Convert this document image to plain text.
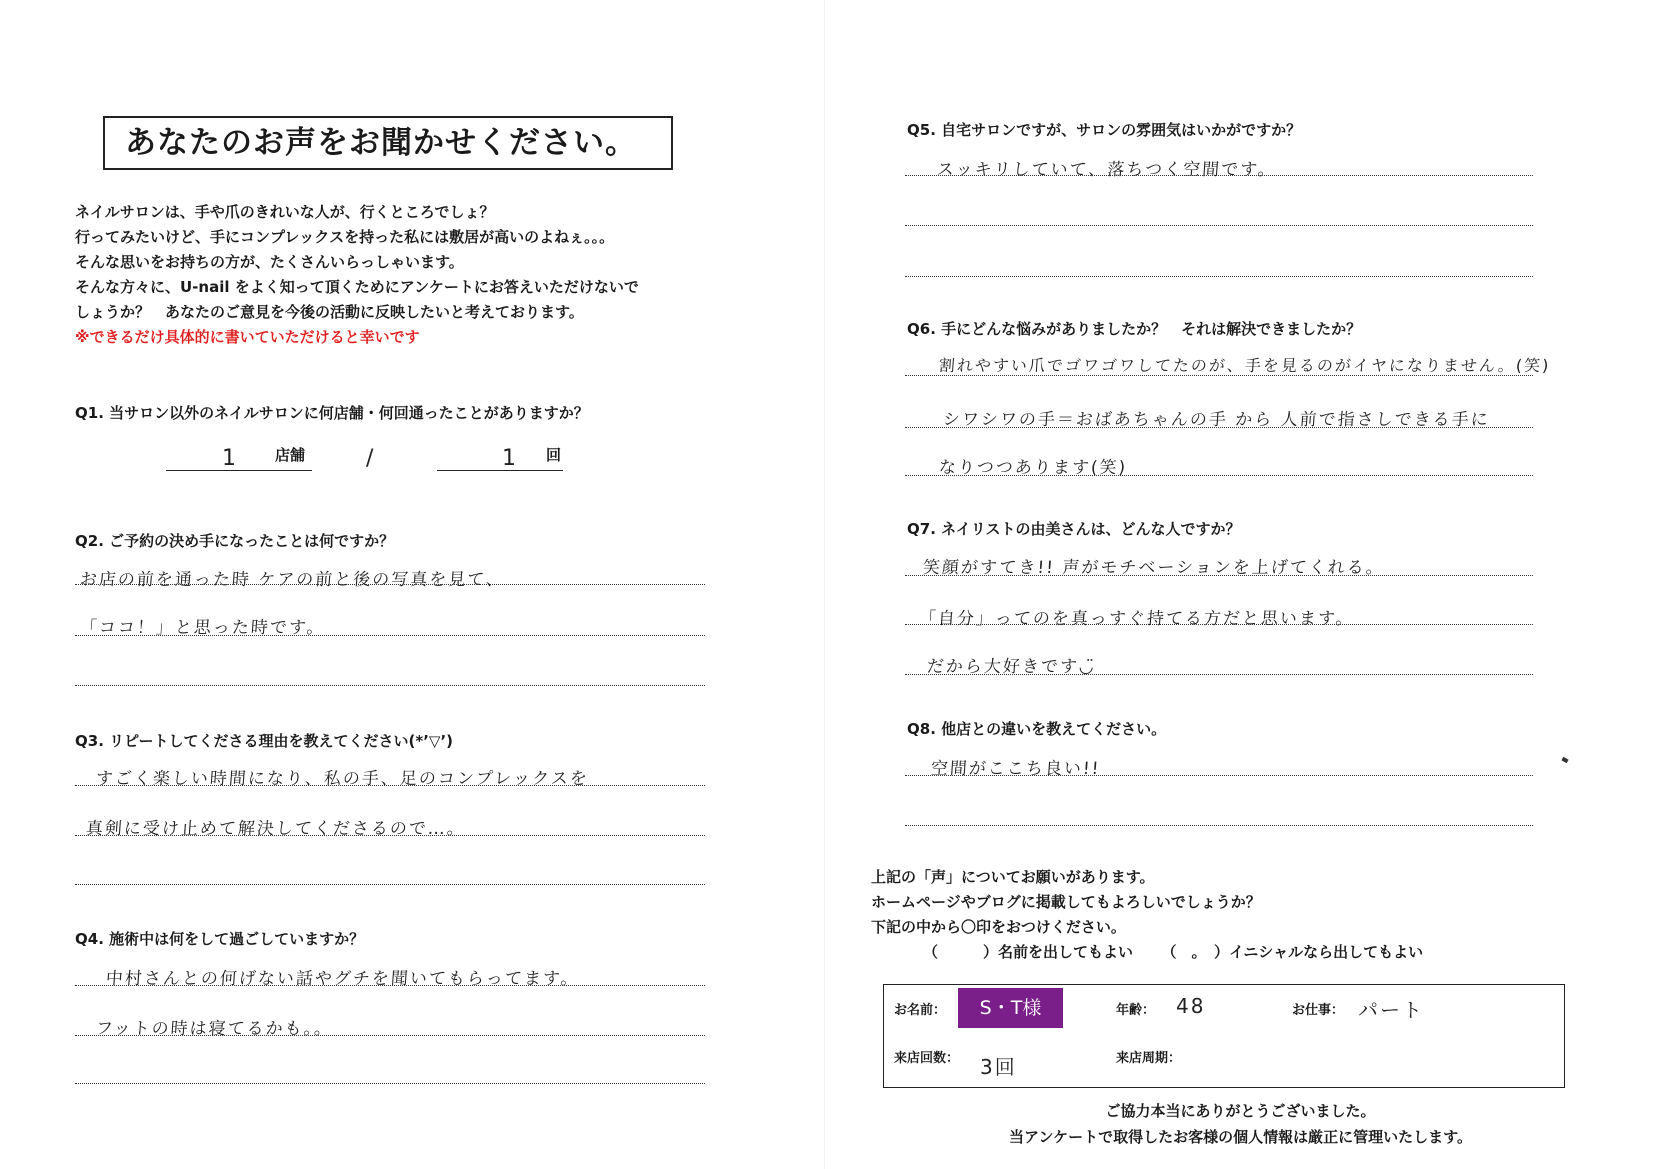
あなたのお声をお聞かせください。
ネイルサロンは、手や爪のきれいな人が、行くところでしょ？
行ってみたいけど、手にコンプレックスを持った私には敷居が高いのよねぇ。。。
そんな思いをお持ちの方が、たくさんいらっしゃいます。
そんな方々に、U-nail をよく知って頂くためにアンケートにお答えいただけないで
しょうか？　あなたのご意見を今後の活動に反映したいと考えております。
※できるだけ具体的に書いていただけると幸いです
Q1. 当サロン以外のネイルサロンに何店舗・何回通ったことがありますか？
1	店舗	/	1 回
Q2. ご予約の決め手になったことは何ですか？
お店の前を通った時 ケアの前と後の写真を見て、
「ココ！」と思った時です。
Q3. リピートしてくださる理由を教えてください(*’▽’)
すごく楽しい時間になり、私の手、足のコンプレックスを
真剣に受け止めて解決してくださるので…。
Q4. 施術中は何をして過ごしていますか？
中村さんとの何げない話やグチを聞いてもらってます。
フットの時は寝てるかも。。
Q5. 自宅サロンですが、サロンの雰囲気はいかがですか？
スッキリしていて、落ちつく空間です。
Q6. 手にどんな悩みがありましたか？　それは解決できましたか？
割れやすい爪でゴワゴワしてたのが、手を見るのがイヤになりません。(笑)
シワシワの手＝おばあちゃんの手 から 人前で指さしできる手に
なりつつあります(笑)
Q7. ネイリストの由美さんは、どんな人ですか？
笑顔がすてき!! 声がモチベーションを上げてくれる。
「自分」ってのを真っすぐ持てる方だと思います。
だから大好きです◡̈
Q8. 他店との違いを教えてください。
空間がここち良い!!
上記の「声」についてお願いがあります。
ホームページやブログに掲載してもよろしいでしょうか？
下記の中から〇印をおつけください。
（　　　）名前を出してもよい （　。　）イニシャルなら出してもよい
お名前：	S・T様	年齢： 48	お仕事： パート
来店回数： 3回	来店周期：
ご協力本当にありがとうございました。
当アンケートで取得したお客様の個人情報は厳正に管理いたします。
